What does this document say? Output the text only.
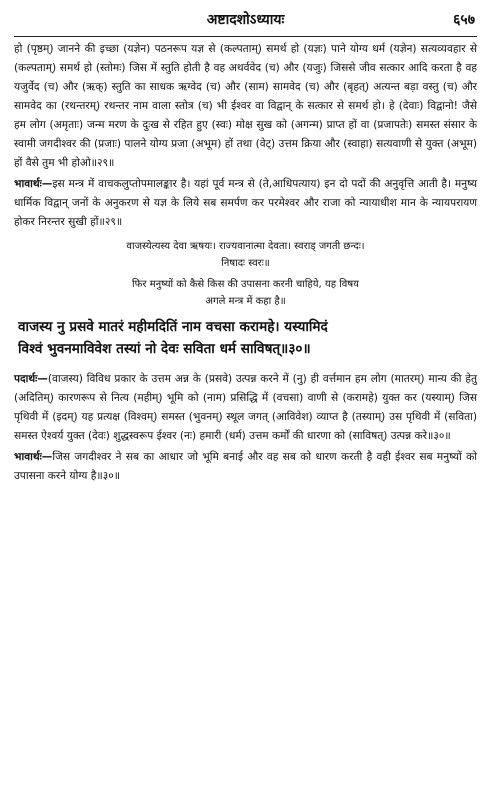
अष्टादशोऽध्यायः	६५७

हो (पृष्ठम्) जानने की इच्छा (यज्ञेन) पठनरूप यज्ञ से (कल्पताम्) समर्थ हो (यज्ञः) पाने योग्य धर्म (यज्ञेन) सत्यव्यवहार से (कल्पताम्) समर्थ हो (स्तोमः) जिस में स्तुति होती है वह अथर्ववेद (च) और (यजुः) जिससे जीव सत्कार आदि करता है वह यजुर्वेद (च) और (ऋक्) स्तुति का साधक ऋग्वेद (च) और (साम) सामवेद (च) और (बृहत्) अत्यन्त बड़ा वस्तु (च) और सामवेद का (रथन्तरम्) रथन्तर नाम वाला स्तोत्र (च) भी ईश्वर वा विद्वान् के सत्कार से समर्थ हो। हे (देवाः) विद्वानो! जैसे हम लोग (अमृताः) जन्म मरण के दुःख से रहित हुए (स्वः) मोक्ष सुख को (अगन्म) प्राप्त हों वा (प्रजापतेः) समस्त संसार के स्वामी जगदीश्वर की (प्रजाः) पालने योग्य प्रजा (अभूम) हों तथा (वेट्) उत्तम क्रिया और (स्वाहा) सत्यवाणी से युक्त (अभूम) हों वैसे तुम भी होओ॥२९॥

भावार्थः—इस मन्त्र में वाचकलुप्तोपमालङ्कार है। यहां पूर्व मन्त्र से (ते,आधिपत्याय) इन दो पदों की अनुवृत्ति आती है। मनुष्य धार्मिक विद्वान् जनों के अनुकरण से यज्ञ के लिये सब समर्पण कर परमेश्वर और राजा को न्यायाधीश मान के न्यायपरायण होकर निरन्तर सुखी हों॥२९॥

वाजस्येत्यस्य देवा ऋषयः। राज्यवानात्मा देवता। स्वराड् जगती छन्दः।

निषादः स्वरः॥

फिर मनुष्यों को कैसे किस की उपासना करनी चाहिये, यह विषय

अगले मन्त्र में कहा है॥

वाजस्य नु प्रसवे मातरं महीमदितिं नाम वचसा करामहे। यस्यामिदं

विश्वं भुवनमाविवेश तस्यां नो देवः सविता धर्म साविषत्॥३०॥

पदार्थः—(वाजस्य) विविध प्रकार के उत्तम अन्न के (प्रसवे) उत्पन्न करने में (नु) ही वर्त्तमान हम लोग (मातरम्) मान्य की हेतु (अदितिम्) कारणरूप से नित्य (महीम्) भूमि को (नाम) प्रसिद्धि में (वचसा) वाणी से (करामहे) युक्त कर (यस्याम्) जिस पृथिवी में (इदम्) यह प्रत्यक्ष (विश्वम्) समस्त (भुवनम्) स्थूल जगत् (आविवेश) व्याप्त है (तस्याम्) उस पृथिवी में (सविता) समस्त ऐश्वर्य युक्त (देवः) शुद्धस्वरूप ईश्वर (नः) हमारी (धर्म) उत्तम कर्मों की धारणा को (साविषत्) उत्पन्न करे॥३०॥

भावार्थः—जिस जगदीश्वर ने सब का आधार जो भूमि बनाई और वह सब को धारण करती है वही ईश्वर सब मनुष्यों को उपासना करने योग्य है॥३०॥
